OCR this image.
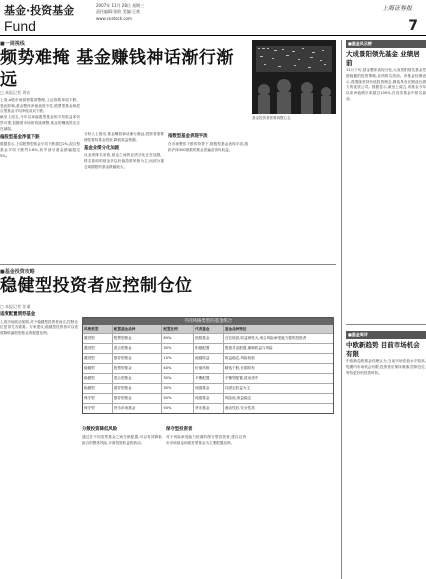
基金·投资基金
Fund
2007年 11月 28日 星期三
责任编辑:张欧 美编:王欢
www.cnstock.com
上海证券报
7
■一周视线
频势难掩 基金赚钱神话渐行渐远
基金投资者需要调整心态
□ 本报记者 周宏

上周,A股市场弱势震荡整理,上证指数单周下跌。受此影响,基金整体净值表现不佳,股票型基金和混合型基金平均净值双双下跌。

截至上周五,今年以来偏股型基金的平均收益率仍然可观,但随着市场的持续调整,基金的赚钱效应正在减弱。

偏股型基金净值下跌

数据显示,上周股票型基金平均下跌超过2%,混合型基金平均下跌约1.8%,其中部分基金跌幅超过5%。

分析人士指出,基金赚钱神话渐行渐远,投资者需要理性看待基金投资,降低收益预期。

基金业绩分化加剧

从业绩排名来看,基金之间的业绩分化正在加剧。排名靠前的基金多以价值投资风格为主,而部分重仓周期股的基金跌幅较大。

指数型基金表现平淡

在市场整体下跌的背景下,指数型基金表现平淡,跟踪沪深300指数的基金普遍录得负收益。

■基金投资攻略
稳健型投资者应控制仓位
□ 本报记者 张谨
适度配置债券基金

上周市场波动加剧,对于稳健型投资者而言,控制仓位显得尤为重要。专家建议,稳健型投资者可以适度降低偏股型基金的配置比例。

不同风格类型的基金组合
风格类型	配置基金品种	配置比例	代表基金	基金品种特征
激进型	股票型基金	60%	指数基金	仓位较高,收益弹性大,适合风险承受能力强的投资者
激进型	混合型基金	30%	积极配置	股债灵活配置,兼顾收益与风险
激进型	债券型基金	10%	稳健收益	收益稳定,风险较低
稳健型	股票型基金	40%	价值风格	精选个股,长期持有
稳健型	混合型基金	30%	平衡配置	平衡型配置,波动适中
稳健型	债券型基金	30%	纯债基金	以固定收益为主
保守型	债券型基金	50%	纯债基金	风险低,收益稳定
保守型	货币市场基金	50%	货币基金	流动性好,安全性高
分散投资降低风险

通过在不同类型基金之间分散配置,可以有效降低组合的整体风险,平滑投资收益的波动。

保守型投资者

对于风险承受能力较弱的保守型投资者,建议以货币市场基金和债券型基金为主要配置品种。

■基金风云榜
大成景阳领先基金 业绩居前
11月下旬,基金整体表现分化,大成景阳领先基金凭借稳健的投资策略,业绩排名居前。该基金经理表示,将继续坚持价值投资理念,精选具有长期成长潜力的优质公司。数据显示,截至上周五,该基金今年以来净值增长率超过100%,在同类基金中排名靠前。
■基金周评
中欧新趋势 目前市场机会有限
中欧新趋势基金经理认为,当前市场估值水平较高,短期内市场机会有限,投资者应保持谨慎,控制仓位,等待更好的投资时机。
